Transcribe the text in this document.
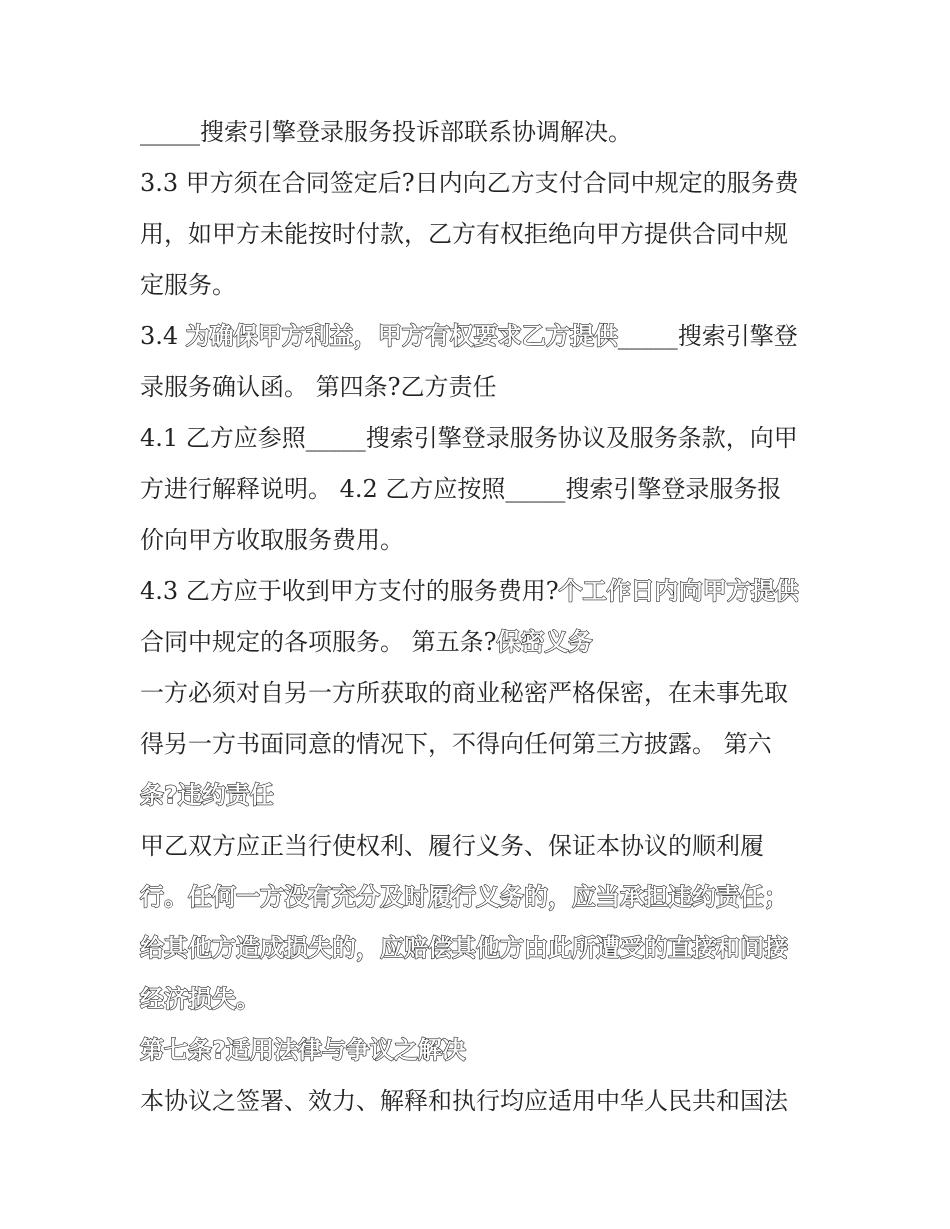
_____搜索引擎登录服务投诉部联系协调解决。
3.3 甲方须在合同签定后?日内向乙方支付合同中规定的服务费
用，如甲方未能按时付款，乙方有权拒绝向甲方提供合同中规
定服务。
3.4 为确保甲方利益，甲方有权要求乙方提供_____搜索引擎登
录服务确认函。 第四条?乙方责任
4.1 乙方应参照_____搜索引擎登录服务协议及服务条款，向甲
方进行解释说明。 4.2 乙方应按照_____搜索引擎登录服务报
价向甲方收取服务费用。
4.3 乙方应于收到甲方支付的服务费用?个工作日内向甲方提供
合同中规定的各项服务。 第五条?保密义务
一方必须对自另一方所获取的商业秘密严格保密，在未事先取
得另一方书面同意的情况下，不得向任何第三方披露。 第六
条?违约责任
甲乙双方应正当行使权利、履行义务、保证本协议的顺利履
行。任何一方没有充分及时履行义务的，应当承担违约责任；
给其他方造成损失的，应赔偿其他方由此所遭受的直接和间接
经济损失。
第七条?适用法律与争议之解决
本协议之签署、效力、解释和执行均应适用中华人民共和国法
